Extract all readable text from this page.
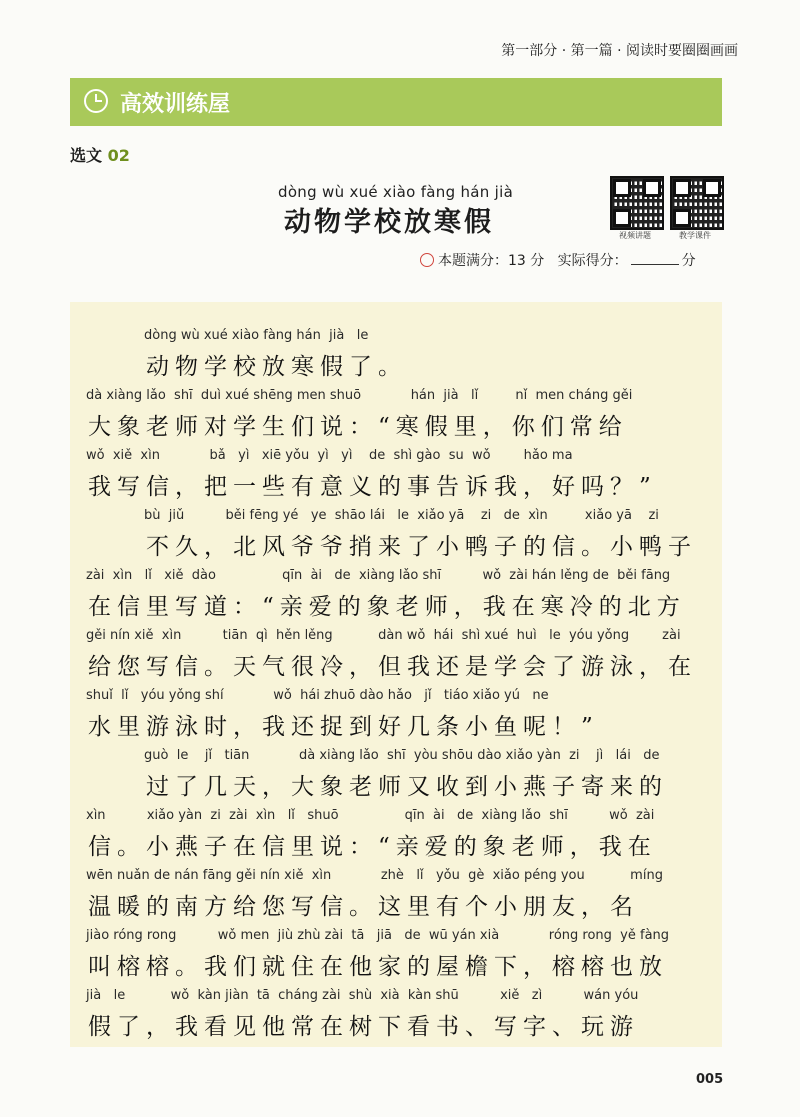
第一部分 · 第一篇 · 阅读时要圈圈画画
高效训练屋
选文 02
dòng wù xué xiào fàng hán jià
动物学校放寒假	视频讲题	教学课件
本题满分：13 分 实际得分：	分
dòng wù xué xiào fàng hán  jià   le
动物学校放寒假了。
dà xiàng lǎo  shī  duì xué shēng men shuō            hán  jià   lǐ         nǐ  men cháng gěi
大象老师对学生们说：“寒假里，你们常给
wǒ  xiě  xìn            bǎ   yì   xiē yǒu  yì   yì    de  shì gào  su  wǒ        hǎo ma
我写信，把一些有意义的事告诉我，好吗？”
bù  jiǔ          běi fēng yé   ye  shāo lái   le  xiǎo yā    zi   de  xìn         xiǎo yā    zi
不久，北风爷爷捎来了小鸭子的信。小鸭子
zài  xìn   lǐ   xiě  dào                qīn  ài   de  xiàng lǎo shī          wǒ  zài hán lěng de  běi fāng
在信里写道：“亲爱的象老师，我在寒冷的北方
gěi nín xiě  xìn          tiān  qì  hěn lěng           dàn wǒ  hái  shì xué  huì   le  yóu yǒng        zài
给您写信。天气很冷，但我还是学会了游泳，在
shuǐ  lǐ   yóu yǒng shí            wǒ  hái zhuō dào hǎo   jǐ   tiáo xiǎo yú   ne
水里游泳时，我还捉到好几条小鱼呢！”
guò  le    jǐ   tiān            dà xiàng lǎo  shī  yòu shōu dào xiǎo yàn  zi    jì   lái   de
过了几天，大象老师又收到小燕子寄来的
xìn          xiǎo yàn  zi  zài  xìn   lǐ   shuō                qīn  ài   de  xiàng lǎo  shī          wǒ  zài
信。小燕子在信里说：“亲爱的象老师，我在
wēn nuǎn de nán fāng gěi nín xiě  xìn            zhè   lǐ   yǒu  gè  xiǎo péng you           míng
温暖的南方给您写信。这里有个小朋友，名
jiào róng rong          wǒ men  jiù zhù zài  tā   jiā   de  wū yán xià            róng rong  yě fàng
叫榕榕。我们就住在他家的屋檐下，榕榕也放
jià   le           wǒ  kàn jiàn  tā  cháng zài  shù  xià  kàn shū          xiě   zì          wán yóu
假了，我看见他常在树下看书、写字、玩游
005
